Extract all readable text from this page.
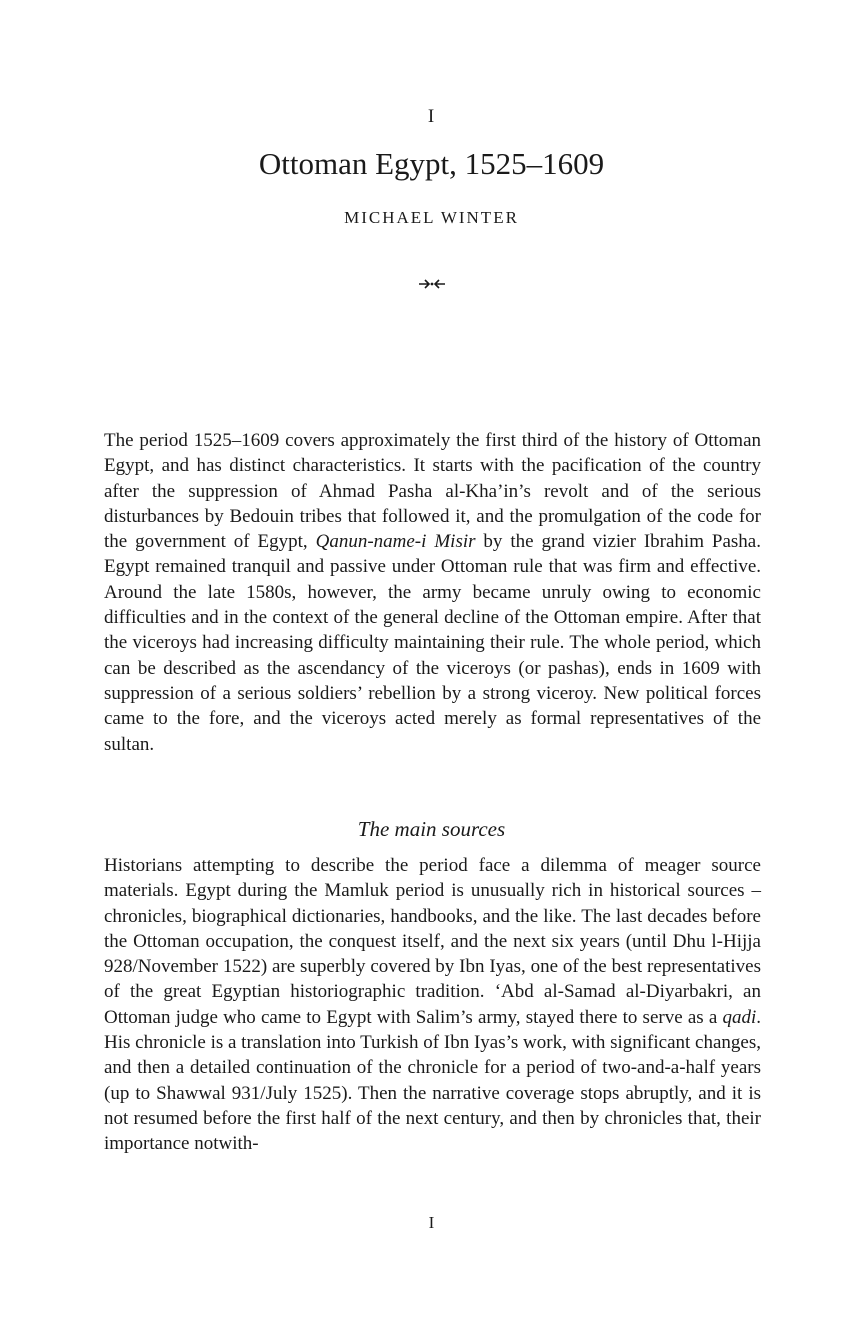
I
Ottoman Egypt, 1525–1609
MICHAEL WINTER

The period 1525–1609 covers approximately the first third of the history of Ottoman Egypt, and has distinct characteristics. It starts with the pacification of the country after the suppression of Ahmad Pasha al-Kha’in’s revolt and of the serious disturbances by Bedouin tribes that followed it, and the promulgation of the code for the government of Egypt, Qanun-name-i Misir by the grand vizier Ibrahim Pasha. Egypt remained tranquil and passive under Ottoman rule that was firm and effective. Around the late 1580s, however, the army became unruly owing to economic difficulties and in the context of the general decline of the Ottoman empire. After that the viceroys had increasing difficulty maintaining their rule. The whole period, which can be described as the ascendancy of the viceroys (or pashas), ends in 1609 with suppression of a serious soldiers’ rebellion by a strong viceroy. New political forces came to the fore, and the viceroys acted merely as formal representatives of the sultan.

The main sources

Historians attempting to describe the period face a dilemma of meager source materials. Egypt during the Mamluk period is unusually rich in historical sources – chronicles, biographical dictionaries, handbooks, and the like. The last decades before the Ottoman occupation, the conquest itself, and the next six years (until Dhu l-Hijja 928/November 1522) are superbly covered by Ibn Iyas, one of the best representatives of the great Egyptian historiographic tradition. ‘Abd al-Samad al-Diyarbakri, an Ottoman judge who came to Egypt with Salim’s army, stayed there to serve as a qadi. His chronicle is a translation into Turkish of Ibn Iyas’s work, with significant changes, and then a detailed continuation of the chronicle for a period of two-and-a-half years (up to Shawwal 931/July 1525). Then the narrative coverage stops abruptly, and it is not resumed before the first half of the next century, and then by chronicles that, their importance notwith-

I
